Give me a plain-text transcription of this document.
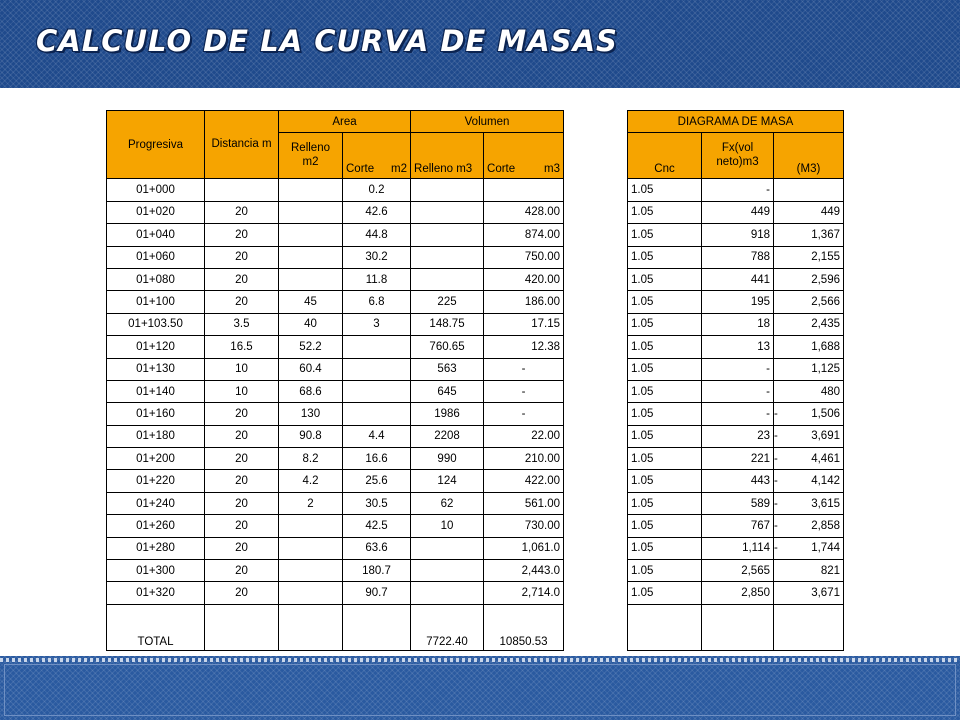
CALCULO DE LA CURVA DE MASAS
Progresiva	Distancia m	Area		Volumen	
		Relleno m2	Corte m2	Relleno m3	Corte m3

01+000			0.2		
01+020	20		42.6		428.00
01+040	20		44.8		874.00
01+060	20		30.2		750.00
01+080	20		11.8		420.00
01+100	20	45	6.8	225	186.00
01+103.50	3.5	40	3	148.75	17.15
01+120	16.5	52.2		760.65	12.38
01+130	10	60.4		563	-
01+140	10	68.6		645	-
01+160	20	130		1986	-
01+180	20	90.8	4.4	2208	22.00
01+200	20	8.2	16.6	990	210.00
01+220	20	4.2	25.6	124	422.00
01+240	20	2	30.5	62	561.00
01+260	20		42.5	10	730.00
01+280	20		63.6		1,061.0
01+300	20		180.7		2,443.0
01+320	20		90.7		2,714.0
TOTAL				7722.40	10850.53
DIAGRAMA DE MASA		
Cnc	Fx(vol neto)m3	(M3)
1.05	-	
1.05	449	449
1.05	918	1,367
1.05	788	2,155
1.05	441	2,596
1.05	195	2,566
1.05	18	2,435
1.05	13	1,688
1.05	-	1,125
1.05	-	480
1.05	-	- 1,506

1.05	23	- 3,691

1.05	221	- 4,461

1.05	443	- 4,142

1.05	589	- 3,615

1.05	767	- 2,858

1.05	1,114	- 1,744

1.05	2,565	821
1.05	2,850	3,671
